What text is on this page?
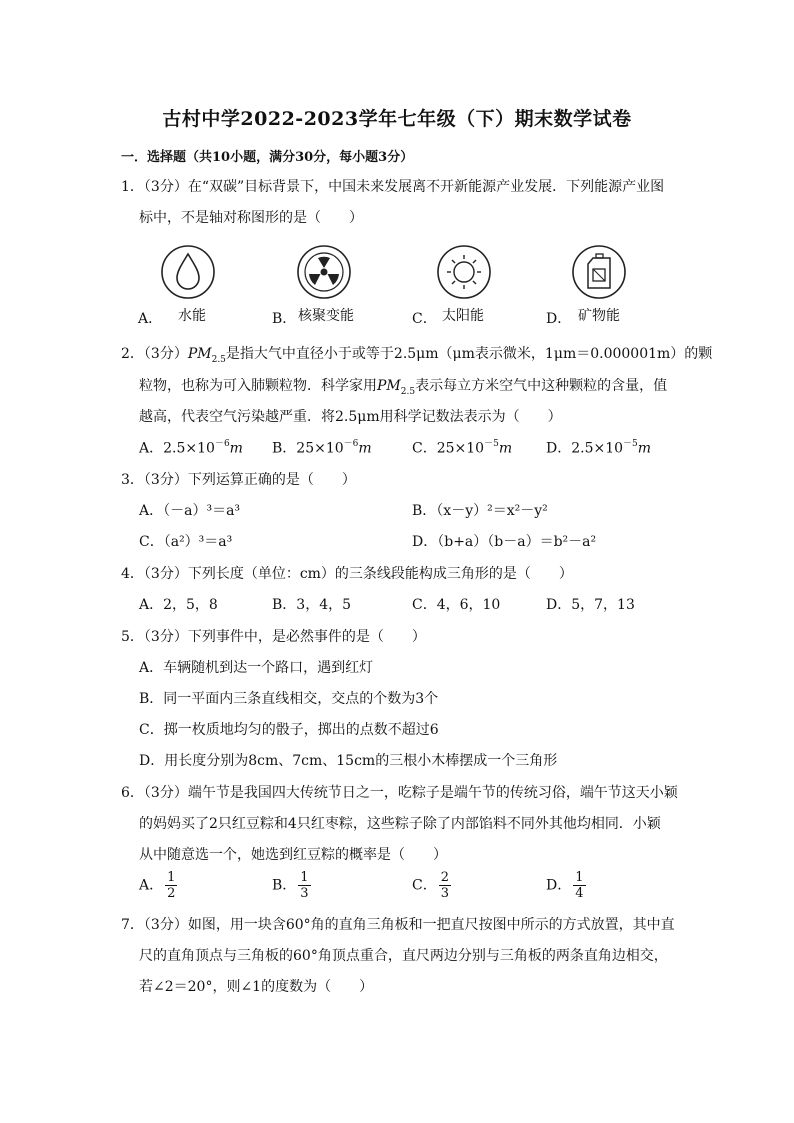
古村中学2022-2023学年七年级（下）期末数学试卷
一．选择题（共10小题，满分30分，每小题3分）
1．（3分）在“双碳”目标背景下，中国未来发展离不开新能源产业发展．下列能源产业图
标中，不是轴对称图形的是（　　）
A． 水能	B． 核聚变能	C． 太阳能	D． 矿物能
2．（3分）$PM_{2.5}$是指大气中直径小于或等于2.5μm（μm表示微米，1μm＝0.000001m）的颗
粒物，也称为可入肺颗粒物．科学家用$PM_{2.5}$表示每立方米空气中这种颗粒的含量，值
越高，代表空气污染越严重．将2.5μm用科学记数法表示为（　　）
A．$2.5\times 10^{-6}m$ B．$25\times 10^{-6}m$	C．$25\times 10^{-5}m$ D．$2.5\times 10^{-5}m$
3．（3分）下列运算正确的是（　　）
A．（－a）³＝a³	B．（x－y）²＝x²－y²
C．（a²）³＝a³	D．（b+a）（b－a）＝b²－a²
4．（3分）下列长度（单位：cm）的三条线段能构成三角形的是（　　）
A．2，5，8	B．3，4，5	C．4，6，10	D．5，7，13
5．（3分）下列事件中，是必然事件的是（　　）
A．车辆随机到达一个路口，遇到红灯
B．同一平面内三条直线相交，交点的个数为3个
C．掷一枚质地均匀的骰子，掷出的点数不超过6
D．用长度分别为8cm、7cm、15cm的三根小木棒摆成一个三角形
6．（3分）端午节是我国四大传统节日之一，吃粽子是端午节的传统习俗，端午节这天小颖
的妈妈买了2只红豆粽和4只红枣粽，这些粽子除了内部馅料不同外其他均相同．小颖
从中随意选一个，她选到红豆粽的概率是（　　）
A． $\frac{1}{2}$	B． $\frac{1}{3}$	C． $\frac{2}{3}$	D． $\frac{1}{4}$
7．（3分）如图，用一块含60°角的直角三角板和一把直尺按图中所示的方式放置，其中直
尺的直角顶点与三角板的60°角顶点重合，直尺两边分别与三角板的两条直角边相交，
若∠2＝20°，则∠1的度数为（　　）
